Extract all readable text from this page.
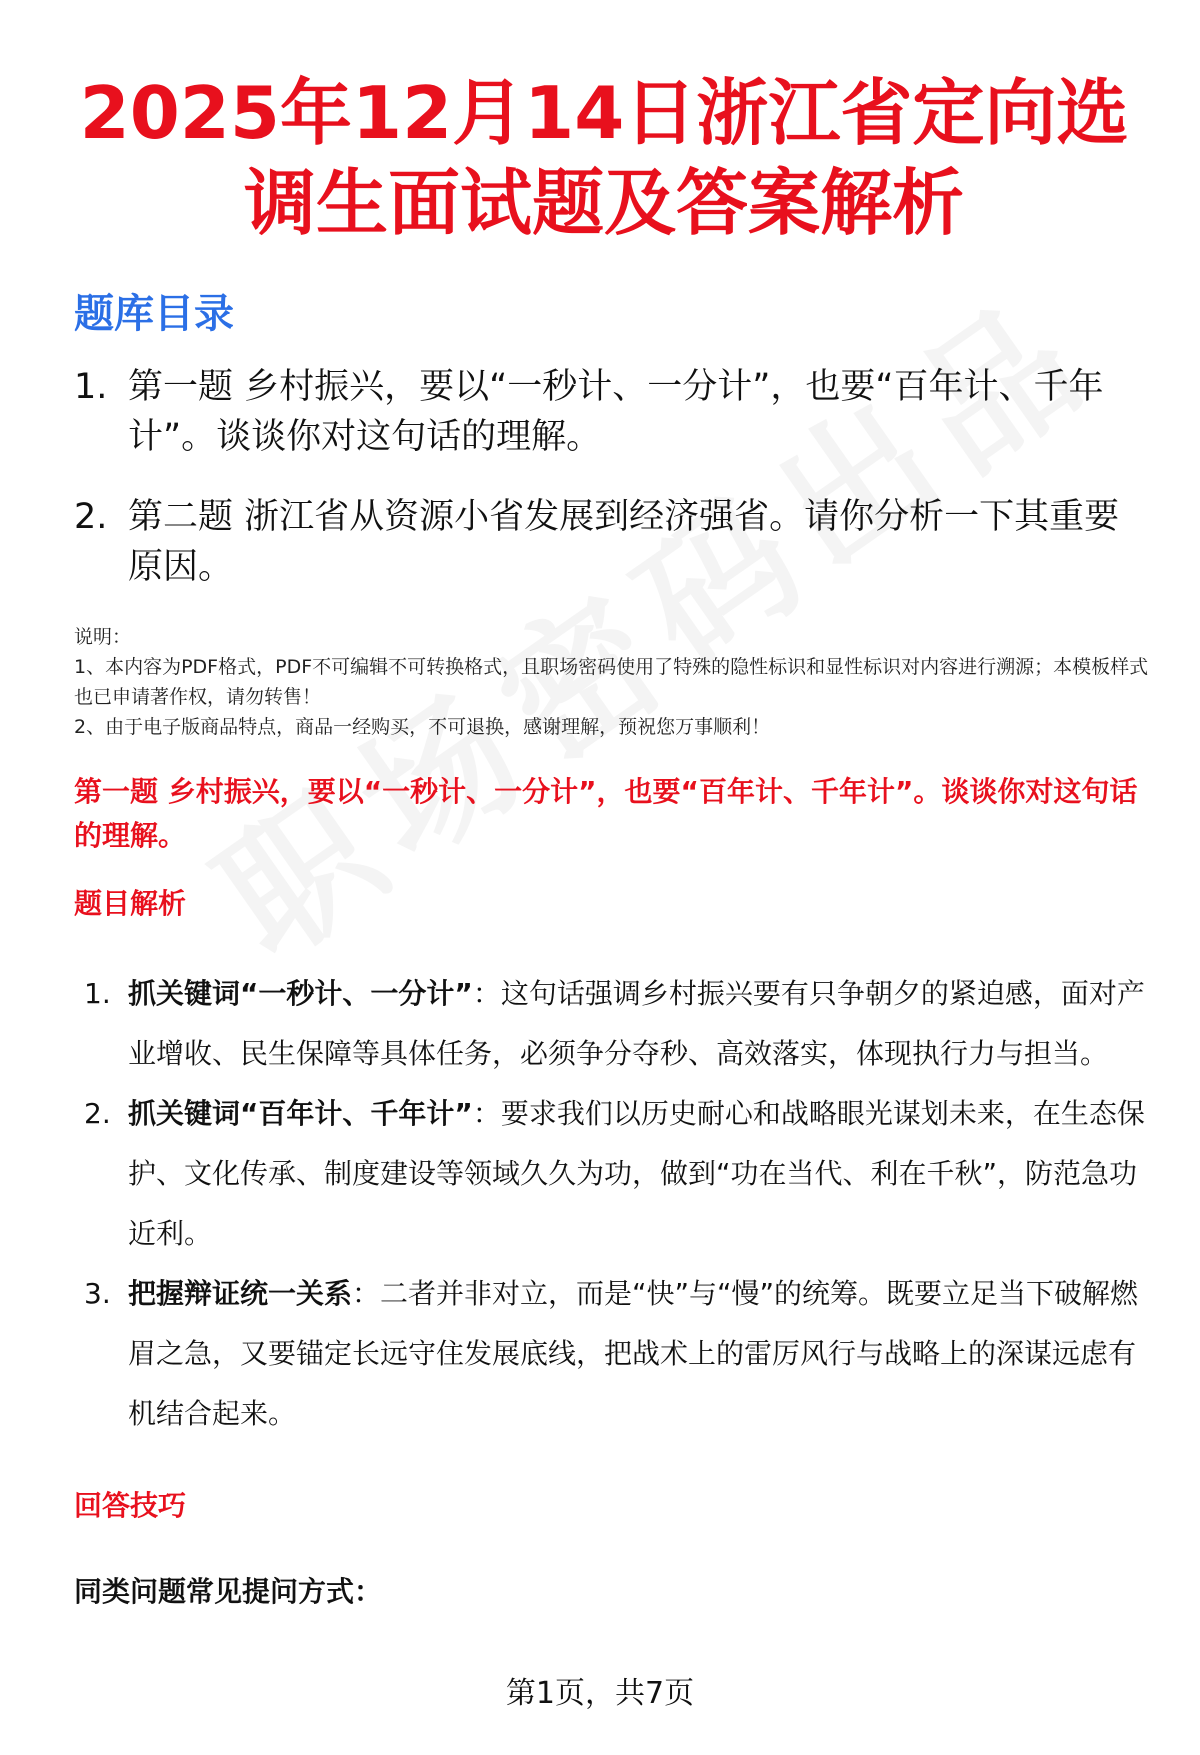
2025年12月14日浙江省定向选调生面试题及答案解析
题库目录
1. 第一题 乡村振兴，要以“一秒计、一分计”，也要“百年计、千年计”。谈谈你对这句话的理解。
2. 第二题 浙江省从资源小省发展到经济强省。请你分析一下其重要原因。
说明：
1、本内容为PDF格式，PDF不可编辑不可转换格式，且职场密码使用了特殊的隐性标识和显性标识对内容进行溯源；本模板样式也已申请著作权，请勿转售！
2、由于电子版商品特点，商品一经购买，不可退换，感谢理解，预祝您万事顺利！
第一题 乡村振兴，要以“一秒计、一分计”，也要“百年计、千年计”。谈谈你对这句话的理解。
题目解析
1. 抓关键词“一秒计、一分计”：这句话强调乡村振兴要有只争朝夕的紧迫感，面对产业增收、民生保障等具体任务，必须争分夺秒、高效落实，体现执行力与担当。
2. 抓关键词“百年计、千年计”：要求我们以历史耐心和战略眼光谋划未来，在生态保护、文化传承、制度建设等领域久久为功，做到“功在当代、利在千秋”，防范急功近利。
3. 把握辩证统一关系：二者并非对立，而是“快”与“慢”的统筹。既要立足当下破解燃眉之急，又要锚定长远守住发展底线，把战术上的雷厉风行与战略上的深谋远虑有机结合起来。
回答技巧
同类问题常见提问方式：
第1页，共7页
